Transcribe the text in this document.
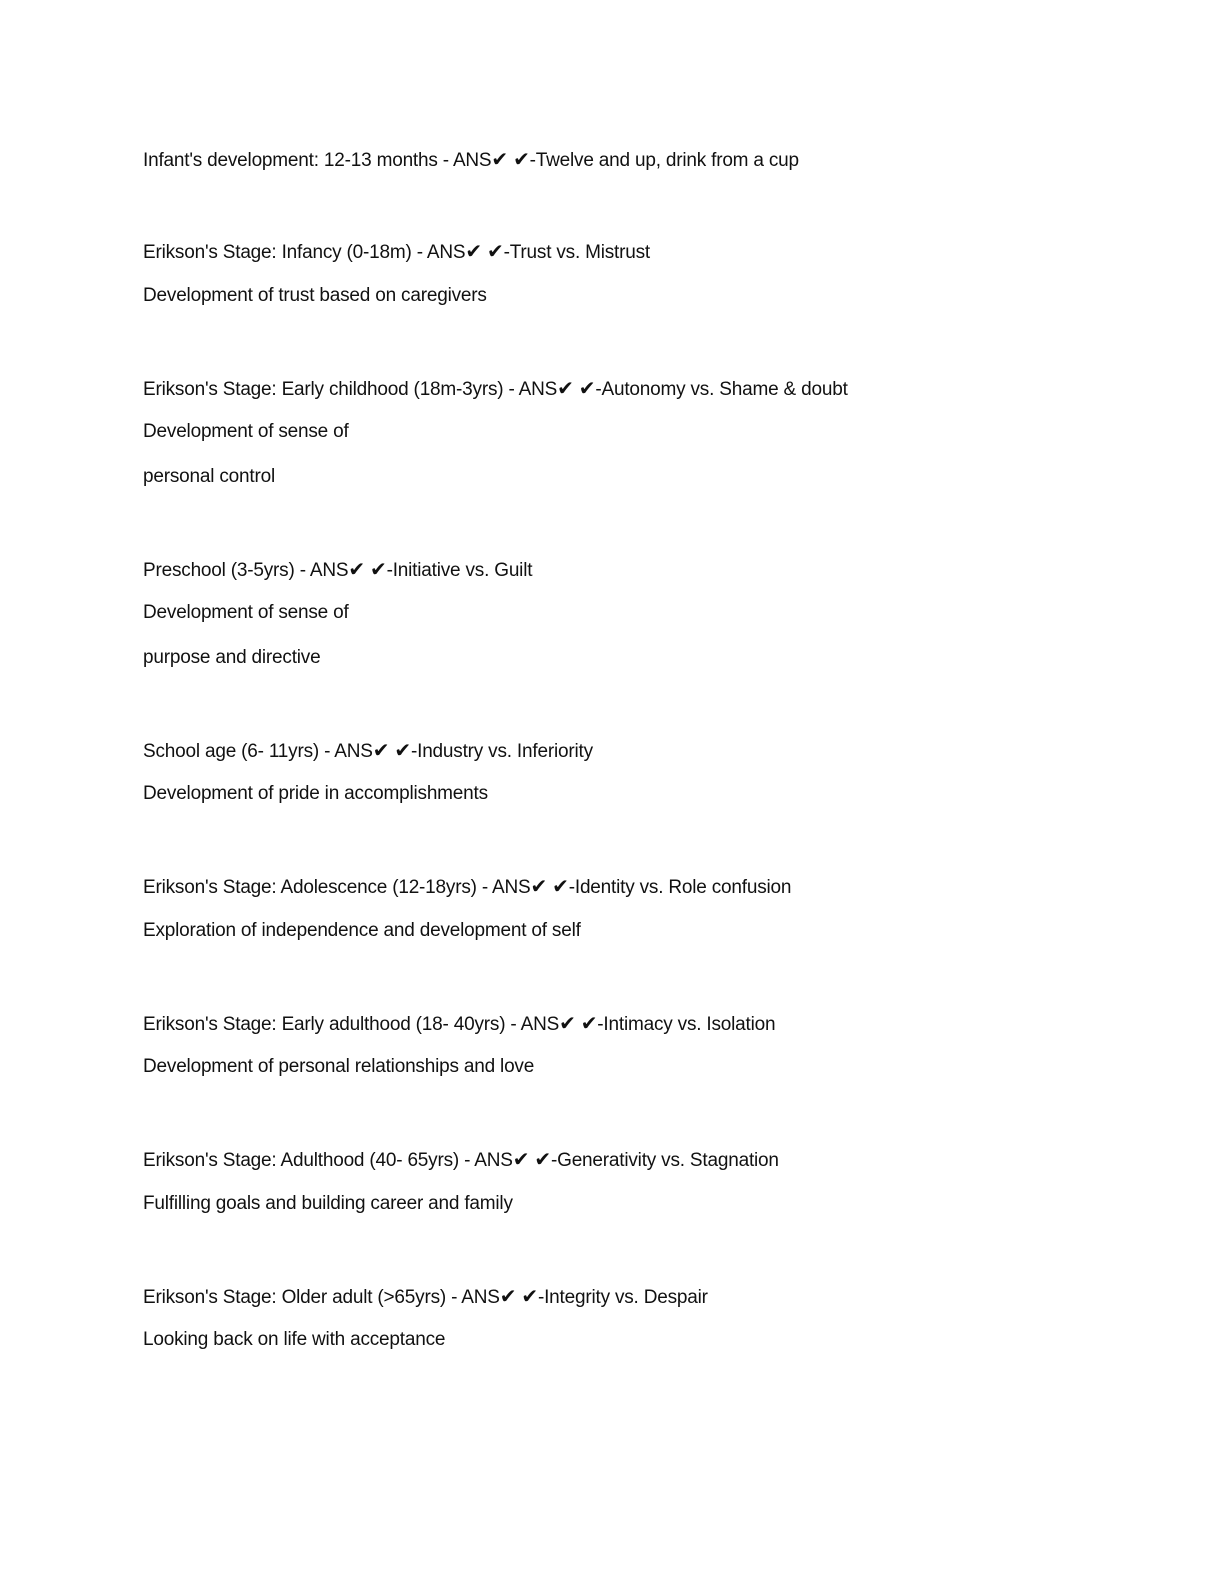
Infant's development: 12-13 months - ANS✔ ✔-Twelve and up, drink from a cup
Erikson's Stage: Infancy (0-18m) - ANS✔ ✔-Trust vs. Mistrust
Development of trust based on caregivers
Erikson's Stage: Early childhood (18m-3yrs) - ANS✔ ✔-Autonomy vs. Shame & doubt
Development of sense of
personal control
Preschool (3-5yrs) - ANS✔ ✔-Initiative vs. Guilt
Development of sense of
purpose and directive
School age (6- 11yrs) - ANS✔ ✔-Industry vs. Inferiority
Development of pride in accomplishments
Erikson's Stage: Adolescence (12-18yrs) - ANS✔ ✔-Identity vs. Role confusion
Exploration of independence and development of self
Erikson's Stage: Early adulthood (18- 40yrs) - ANS✔ ✔-Intimacy vs. Isolation
Development of personal relationships and love
Erikson's Stage: Adulthood (40- 65yrs) - ANS✔ ✔-Generativity vs. Stagnation
Fulfilling goals and building career and family
Erikson's Stage: Older adult (>65yrs) - ANS✔ ✔-Integrity vs. Despair
Looking back on life with acceptance
